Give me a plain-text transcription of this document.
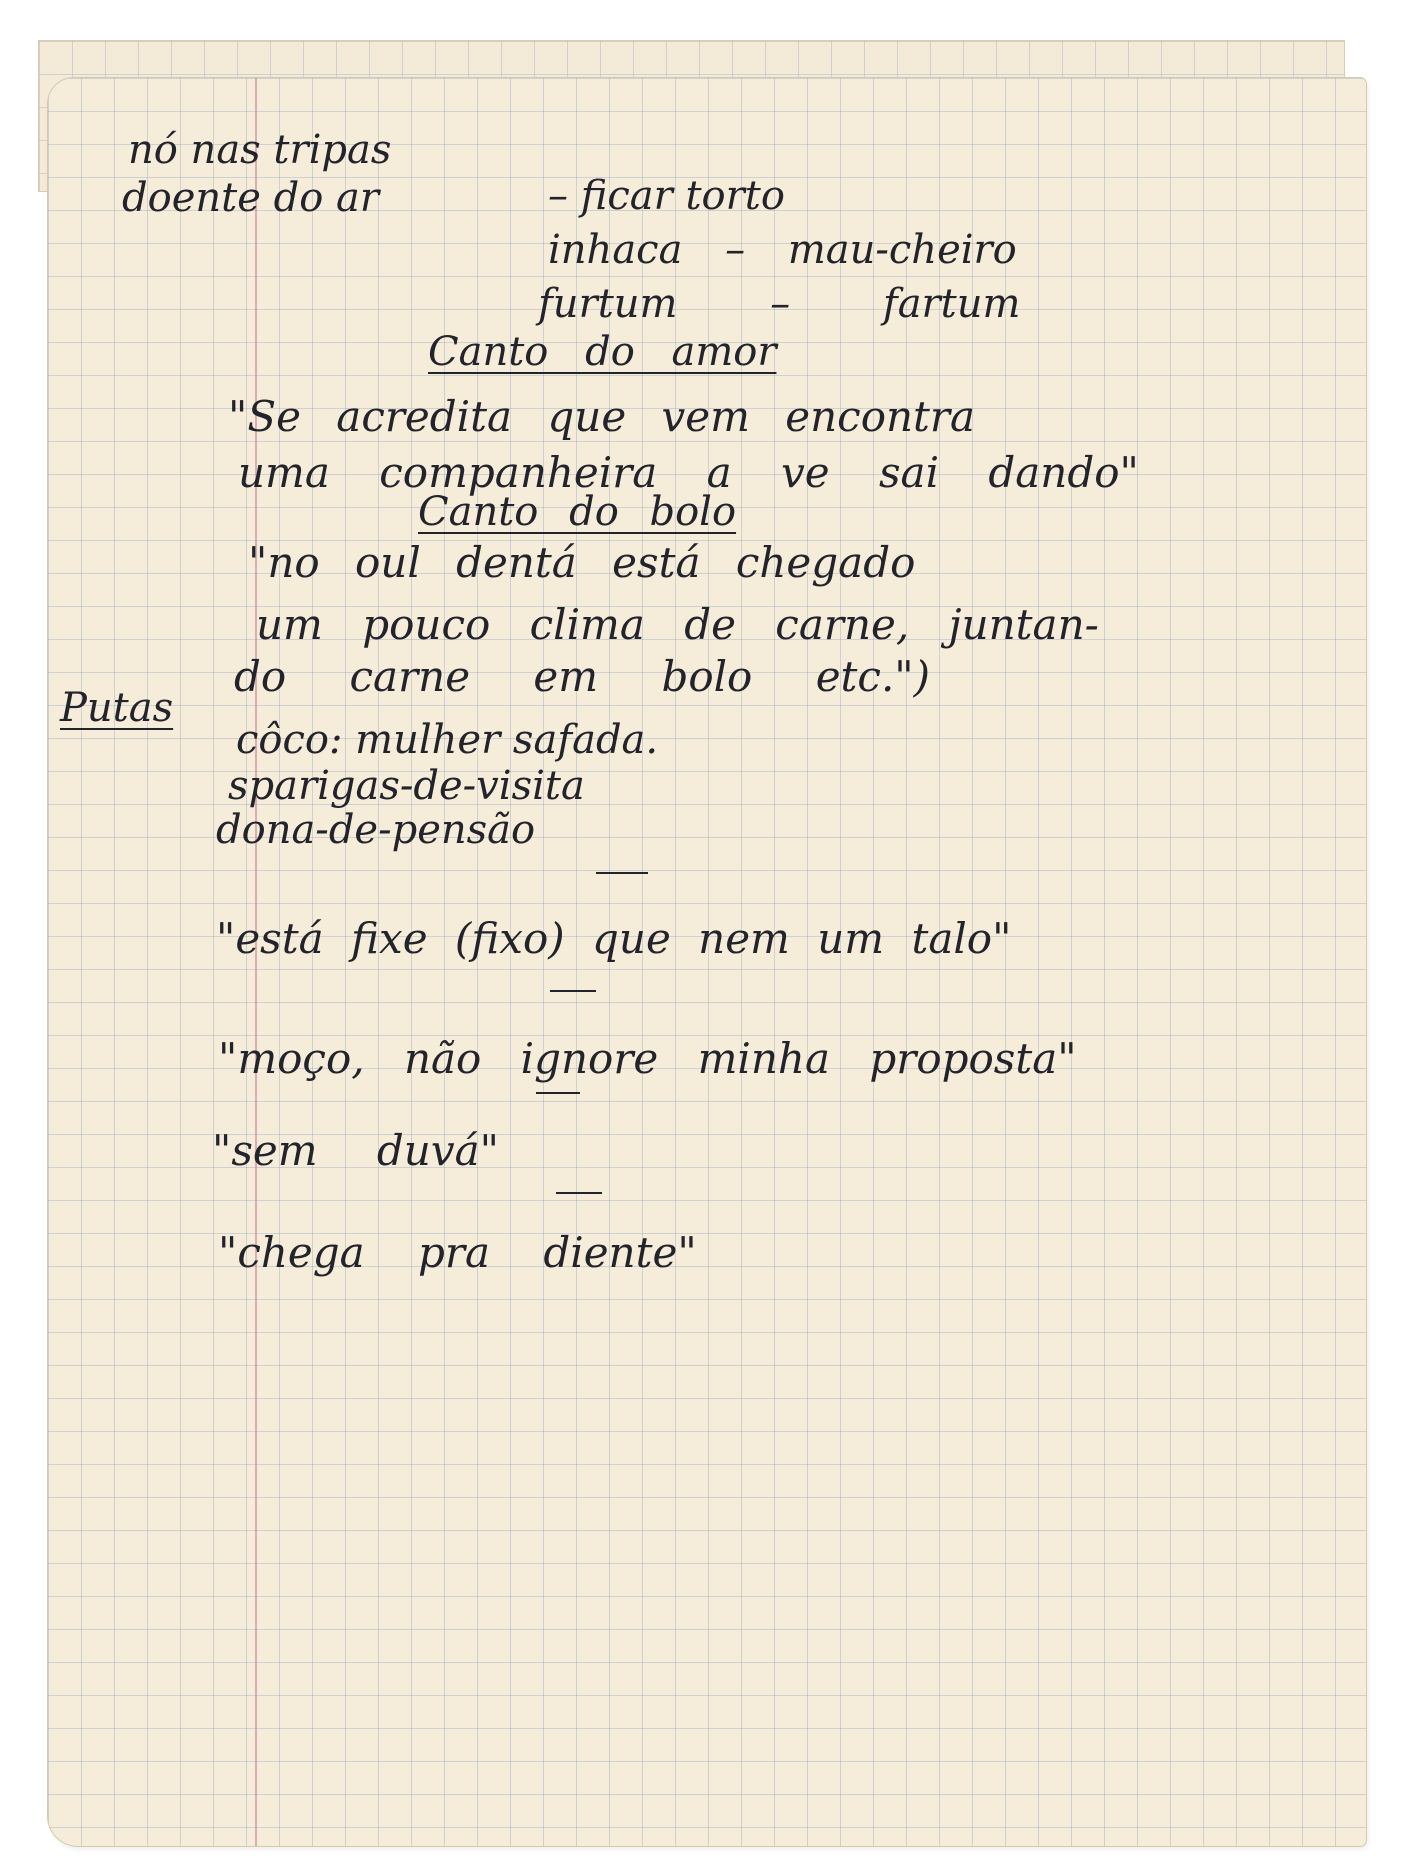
nó nas tripas

doente do ar	– ficar torto

inhaca – mau-cheiro

furtum – fartum

Canto do amor

"Se acredita que vem encontra

uma companheira a ve sai dando"

Canto do bolo

"no oul dentá está chegado

um pouco clima de carne, juntan-

do carne em bolo etc.")

Putas

côco: mulher safada.

sparigas-de-visita

dona-de-pensão

"está fixe (fixo) que nem um talo"

"moço, não ignore minha proposta"

"sem duvá"

"chega pra diente"
